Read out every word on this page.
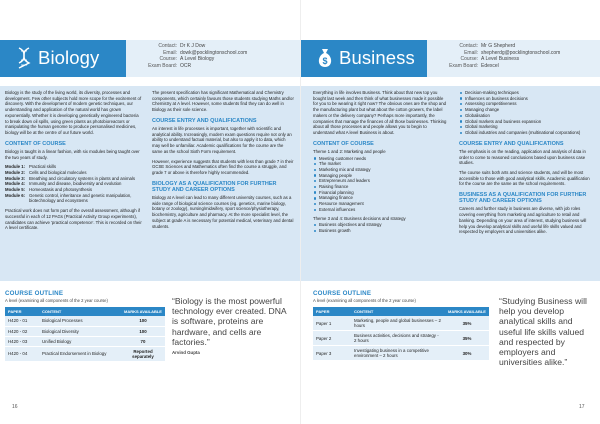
Biology
Contact: Dr K J Dow
Email: dowk@pocklingtonschool.com
Course: A Level Biology
Exam Board: OCR

Biology is the study of the living world, its diversity, processes and development. Few other subjects hold more scope for the excitement of discovery. With the development of modern genetic techniques, our understanding and application of the natural world has grown exponentially. Whether it is developing genetically engineered bacteria to break down oil spills, using green plants as photobioreactors or manipulating the human genome to produce personalised medicines, biology will be at the centre of our future world.

CONTENT OF COURSE

Biology is taught in a linear fashion, with six modules being taught over the two years of study.

Module 1: Practical skills
Module 2: Cells and biological molecules
Module 3: Breathing and circulatory systems in plants and animals
Module 4: Immunity and disease, biodiversity and evolution
Module 5: Homeostasis and photosynthesis
Module 6: Genetic control, inheritance and genetic manipulation, biotechnology and ecosystems

Practical work does not form part of the overall assessment, although if successful in each of 12 PAGs (Practical Activity Group experiments), candidates can achieve 'practical competence'. This is recorded on their A level certificate.

The present specification has significant Mathematical and Chemistry components, which certainly favours those students studying Maths and/or Chemistry at A level. However, some students find they can do well in Biology as their sole science.

COURSE ENTRY AND QUALIFICATIONS

An interest in life processes is important, together with scientific and analytical ability. Increasingly, modern exam questions require not only an ability to understand factual material, but also to apply it to data, which may well be unfamiliar. Academic qualifications for the course are the same as the school Sixth Form requirement.

However, experience suggests that students with less than grade 7 in their GCSE Sciences and Mathematics often find the course a struggle, and grade 7 or above is therefore highly recommended.

BIOLOGY AS A QUALIFICATION FOR FURTHER STUDY AND CAREER OPTIONS

Biology at A level can lead to many different university courses, such as a wide range of biological science courses (eg. genetics, marine biology, botany or zoology), nursing/midwifery, sport science/physiotherapy, biochemistry, agriculture and pharmacy. At the more specialist level, the subject at grade A is necessary for potential medical, veterinary and dental students.

COURSE OUTLINE
A level (examining all components of the 2 year course)
PAPER	CONTENT	MARKS AVAILABLE
H420 - 01	Biological Processes	100
H420 - 02	Biological Diversity	100
H420 - 03	Unified Biology	70
H420 - 04	Practical Endorsement in Biology	Reported separately
“Biology is the most powerful technology ever created. DNA is software, proteins are hardware, and cells are factories.”
Arvind Gupta
16
$ Business
Contact: Mr G Shepherd
Email: shepherdg@pocklingtonschool.com
Course: A Level Business
Exam Board: Edexcel

Everything in life involves Business. Think about that new top you bought last week and then think of what businesses made it possible for you to be wearing it right now? The obvious ones are the shop and the manufacturing plant but what about the cotton growers, the label makers or the delivery company? Perhaps more importantly, the companies that manage the finances of all those businesses. Thinking about all those processes and people allows you to begin to understand what A level Business is about.

CONTENT OF COURSE
Theme 1 and 2: Marketing and people
Meeting customer needs
The market
Marketing mix and strategy
Managing people
Entrepreneurs and leaders
Raising finance
Financial planning
Managing finance
Resource management
External influences
Theme 3 and 4: Business decisions and strategy
Business objectives and strategy
Business growth
Decision-making techniques
Influences on business decisions
Assessing competitiveness
Managing change
Globalisation
Global markets and business expansion
Global marketing
Global industries and companies (multinational corporations)
COURSE ENTRY AND QUALIFICATIONS

The emphasis is on the reading, application and analysis of data in order to come to reasoned conclusions based upon business case studies.

The course suits both arts and science students, and will be most accessible to those with good analytical skills. Academic qualification for the course are the same as the school requirements.

BUSINESS AS A QUALIFICATION FOR FURTHER STUDY AND CAREER OPTIONS

Careers and further study in business are diverse, with job roles covering everything from marketing and agriculture to retail and banking. Depending on your area of interest, studying business will help you develop analytical skills and useful life skills valued and respected by employers and universities alike.

COURSE OUTLINE
A level (examining all components of the 2 year course)
PAPER	CONTENT	MARKS AVAILABLE
Paper 1	Marketing, people and global businesses – 2 hours	35%
Paper 2	Business activities, decisions and strategy - 2 hours	35%
Paper 3	Investigating business in a competitive environment – 2 hours	30%
“Studying Business will help you develop analytical skills and useful life skills valued and respected by employers and universities alike.”
17
